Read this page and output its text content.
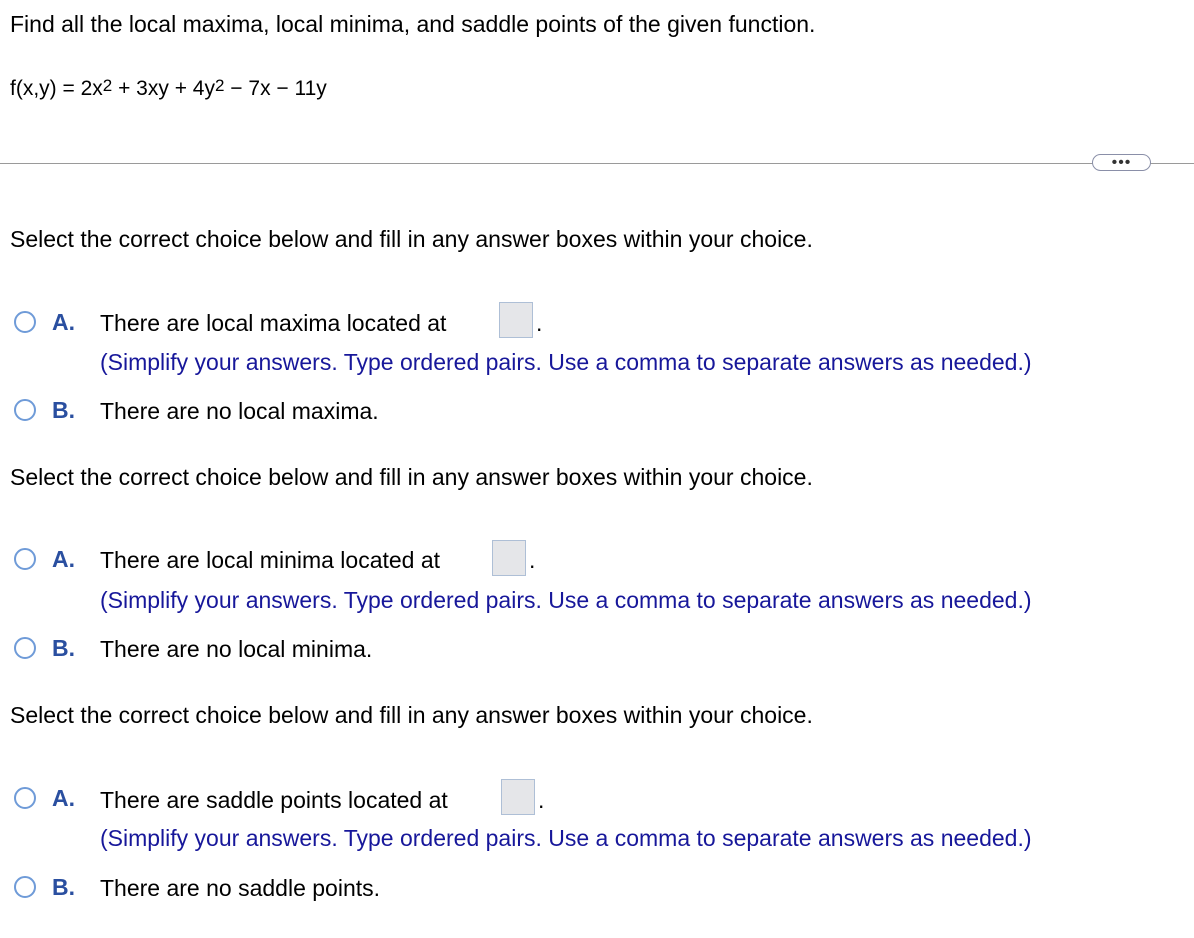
Find all the local maxima, local minima, and saddle points of the given function.
$f(x,y) = 2x^2 + 3xy + 4y^2 - 7x - 11y$
•••
Select the correct choice below and fill in any answer boxes within your choice.
A. There are local maxima located at	.
(Simplify your answers. Type ordered pairs. Use a comma to separate answers as needed.)
B. There are no local maxima.
Select the correct choice below and fill in any answer boxes within your choice.
A. There are local minima located at	.
(Simplify your answers. Type ordered pairs. Use a comma to separate answers as needed.)
B. There are no local minima.
Select the correct choice below and fill in any answer boxes within your choice.
A. There are saddle points located at	.
(Simplify your answers. Type ordered pairs. Use a comma to separate answers as needed.)
B. There are no saddle points.
